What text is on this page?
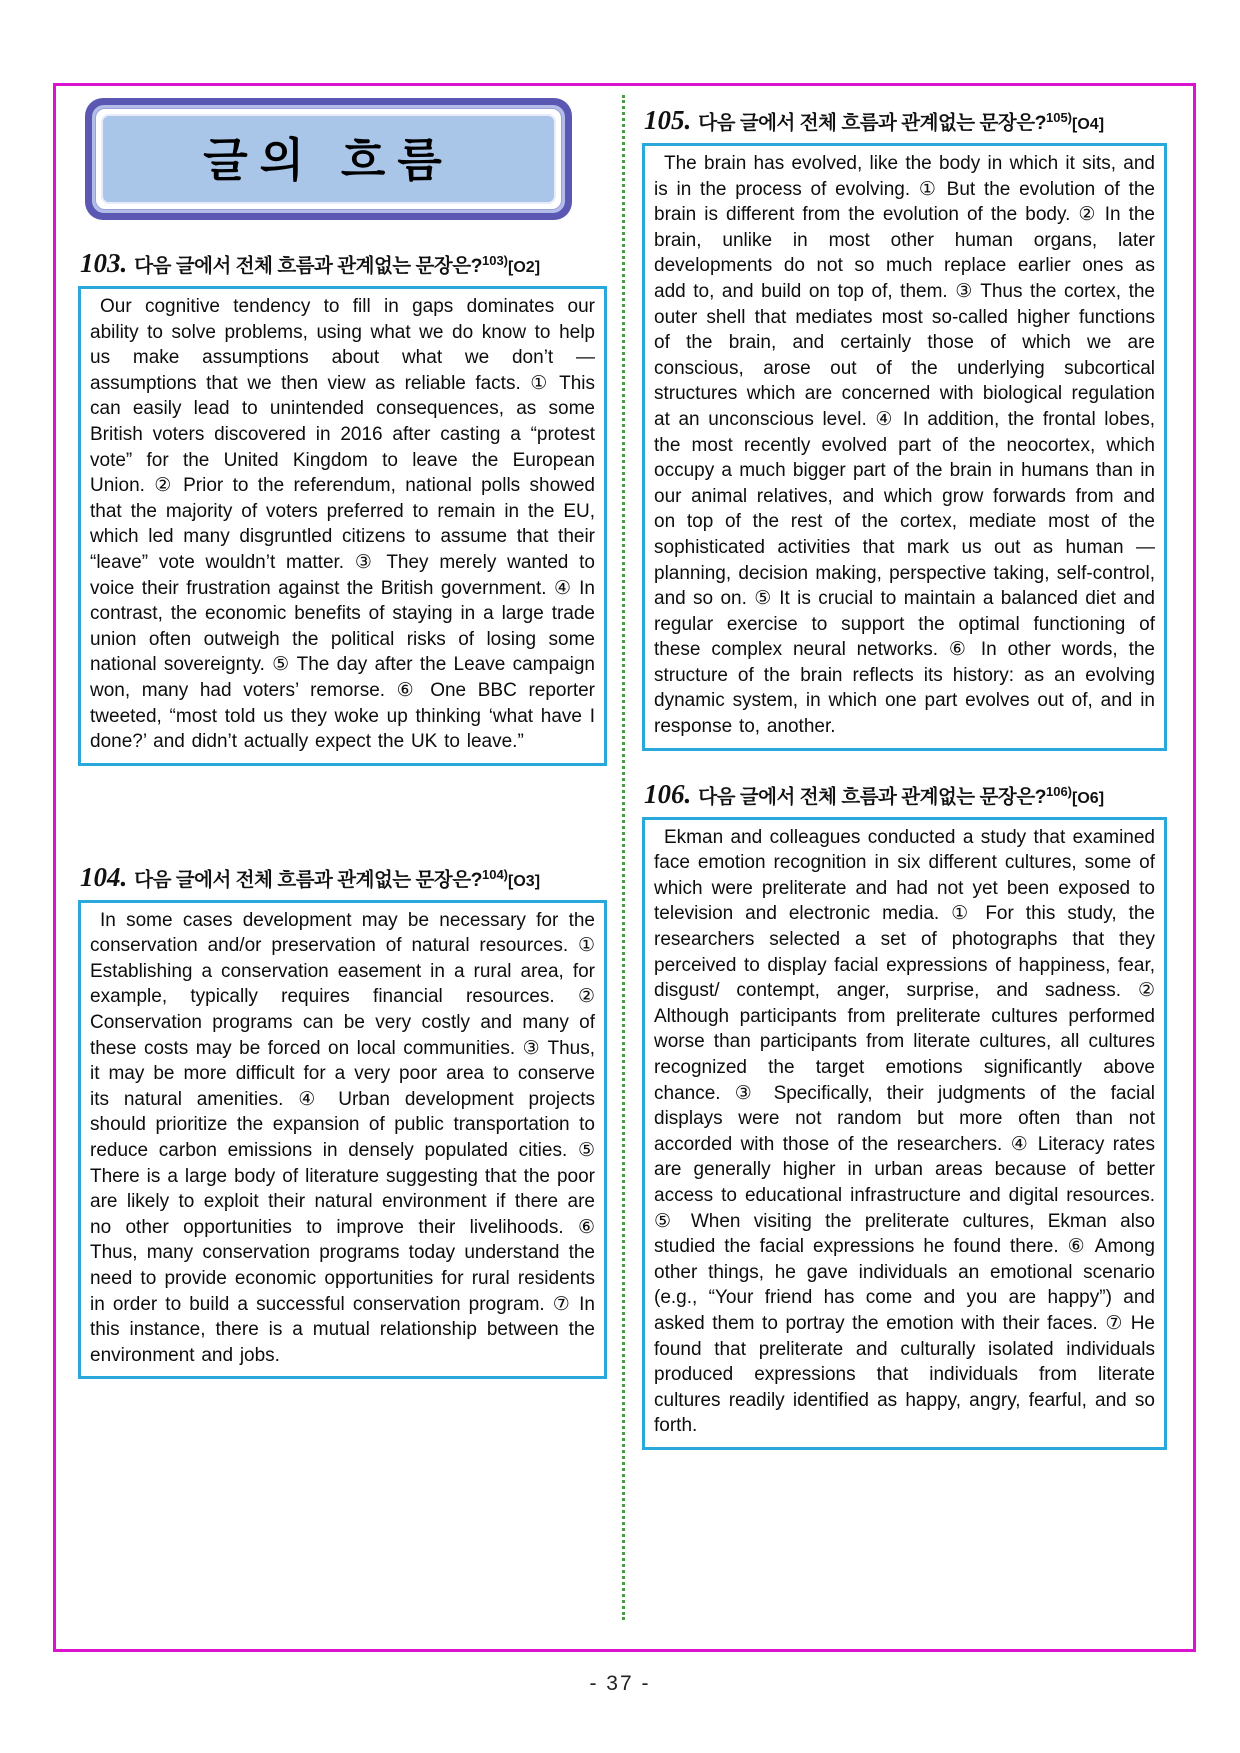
글의 흐름
103. 다음 글에서 전체 흐름과 관계없는 문장은?$^{103)}$[O2]

Our cognitive tendency to fill in gaps dominates our ability to solve problems, using what we do know to help us make assumptions about what we don’t — assumptions that we then view as reliable facts. ① This can easily lead to unintended consequences, as some British voters discovered in 2016 after casting a “protest vote” for the United Kingdom to leave the European Union. ② Prior to the referendum, national polls showed that the majority of voters preferred to remain in the EU, which led many disgruntled citizens to assume that their “leave” vote wouldn’t matter. ③ They merely wanted to voice their frustration against the British government. ④ In contrast, the economic benefits of staying in a large trade union often outweigh the political risks of losing some national sovereignty. ⑤ The day after the Leave campaign won, many had voters’ remorse. ⑥ One BBC reporter tweeted, “most told us they woke up thinking ‘what have I done?’ and didn’t actually expect the UK to leave.”

104. 다음 글에서 전체 흐름과 관계없는 문장은?$^{104)}$[O3]

In some cases development may be necessary for the conservation and/or preservation of natural resources. ① Establishing a conservation easement in a rural area, for example, typically requires financial resources. ② Conservation programs can be very costly and many of these costs may be forced on local communities. ③ Thus, it may be more difficult for a very poor area to conserve its natural amenities. ④ Urban development projects should prioritize the expansion of public transportation to reduce carbon emissions in densely populated cities. ⑤ There is a large body of literature suggesting that the poor are likely to exploit their natural environment if there are no other opportunities to improve their livelihoods. ⑥ Thus, many conservation programs today understand the need to provide economic opportunities for rural residents in order to build a successful conservation program. ⑦ In this instance, there is a mutual relationship between the environment and jobs.

105. 다음 글에서 전체 흐름과 관계없는 문장은?$^{105)}$[O4]

The brain has evolved, like the body in which it sits, and is in the process of evolving. ① But the evolution of the brain is different from the evolution of the body. ② In the brain, unlike in most other human organs, later developments do not so much replace earlier ones as add to, and build on top of, them. ③ Thus the cortex, the outer shell that mediates most so-called higher functions of the brain, and certainly those of which we are conscious, arose out of the underlying subcortical structures which are concerned with biological regulation at an unconscious level. ④ In addition, the frontal lobes, the most recently evolved part of the neocortex, which occupy a much bigger part of the brain in humans than in our animal relatives, and which grow forwards from and on top of the rest of the cortex, mediate most of the sophisticated activities that mark us out as human — planning, decision making, perspective taking, self-control, and so on. ⑤ It is crucial to maintain a balanced diet and regular exercise to support the optimal functioning of these complex neural networks. ⑥ In other words, the structure of the brain reflects its history: as an evolving dynamic system, in which one part evolves out of, and in response to, another.

106. 다음 글에서 전체 흐름과 관계없는 문장은?$^{106)}$[O6]

Ekman and colleagues conducted a study that examined face emotion recognition in six different cultures, some of which were preliterate and had not yet been exposed to television and electronic media. ① For this study, the researchers selected a set of photographs that they perceived to display facial expressions of happiness, fear, disgust/ contempt, anger, surprise, and sadness. ② Although participants from preliterate cultures performed worse than participants from literate cultures, all cultures recognized the target emotions significantly above chance. ③ Specifically, their judgments of the facial displays were not random but more often than not accorded with those of the researchers. ④ Literacy rates are generally higher in urban areas because of better access to educational infrastructure and digital resources. ⑤ When visiting the preliterate cultures, Ekman also studied the facial expressions he found there. ⑥ Among other things, he gave individuals an emotional scenario (e.g., “Your friend has come and you are happy”) and asked them to portray the emotion with their faces. ⑦ He found that preliterate and culturally isolated individuals produced expressions that individuals from literate cultures readily identified as happy, angry, fearful, and so forth.

- 37 -
